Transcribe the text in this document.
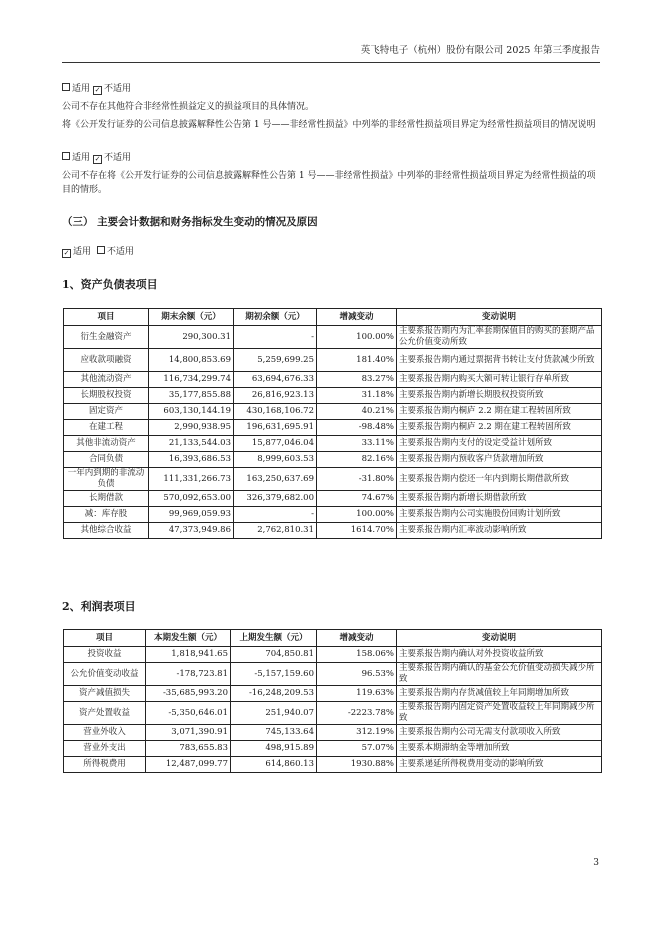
英飞特电子（杭州）股份有限公司 2025 年第三季度报告
适用 ✓ 不适用
公司不存在其他符合非经常性损益定义的损益项目的具体情况。
将《公开发行证券的公司信息披露解释性公告第 1 号——非经常性损益》中列举的非经常性损益项目界定为经常性损益项目的情况说明
适用 ✓ 不适用
公司不存在将《公开发行证券的公司信息披露解释性公告第 1 号——非经常性损益》中列举的非经常性损益项目界定为经常性损益的项目的情形。
（三） 主要会计数据和财务指标发生变动的情况及原因
✓ 适用 不适用
1、资产负债表项目
项目	期末余额（元）	期初余额（元）	增减变动	变动说明
衍生金融资产	290,300.31	-	100.00%	主要系报告期内为汇率套期保值目的购买的套期产品公允价值变动所致
应收款项融资	14,800,853.69	5,259,699.25	181.40%	主要系报告期内通过票据背书转让支付货款减少所致
其他流动资产	116,734,299.74	63,694,676.33	83.27%	主要系报告期内购买大额可转让银行存单所致
长期股权投资	35,177,855.88	26,816,923.13	31.18%	主要系报告期内新增长期股权投资所致
固定资产	603,130,144.19	430,168,106.72	40.21%	主要系报告期内桐庐 2.2 期在建工程转固所致
在建工程	2,990,938.95	196,631,695.91	-98.48%	主要系报告期内桐庐 2.2 期在建工程转固所致
其他非流动资产	21,133,544.03	15,877,046.04	33.11%	主要系报告期内支付的设定受益计划所致
合同负债	16,393,686.53	8,999,603.53	82.16%	主要系报告期内预收客户货款增加所致
一年内到期的非流动负债	111,331,266.73	163,250,637.69	-31.80%	主要系报告期内偿还一年内到期长期借款所致
长期借款	570,092,653.00	326,379,682.00	74.67%	主要系报告期内新增长期借款所致
减：库存股	99,969,059.93	-	100.00%	主要系报告期内公司实施股份回购计划所致
其他综合收益	47,373,949.86	2,762,810.31	1614.70%	主要系报告期内汇率波动影响所致
2、利润表项目
项目	本期发生额（元）	上期发生额（元）	增减变动	变动说明
投资收益	1,818,941.65	704,850.81	158.06%	主要系报告期内确认对外投资收益所致
公允价值变动收益	-178,723.81	-5,157,159.60	96.53%	主要系报告期内确认的基金公允价值变动损失减少所致
资产减值损失	-35,685,993.20	-16,248,209.53	119.63%	主要系报告期内存货减值较上年同期增加所致
资产处置收益	-5,350,646.01	251,940.07	-2223.78%	主要系报告期内固定资产处置收益较上年同期减少所致
营业外收入	3,071,390.91	745,133.64	312.19%	主要系报告期内公司无需支付款项收入所致
营业外支出	783,655.83	498,915.89	57.07%	主要系本期滞纳金等增加所致
所得税费用	12,487,099.77	614,860.13	1930.88%	主要系递延所得税费用变动的影响所致
3
